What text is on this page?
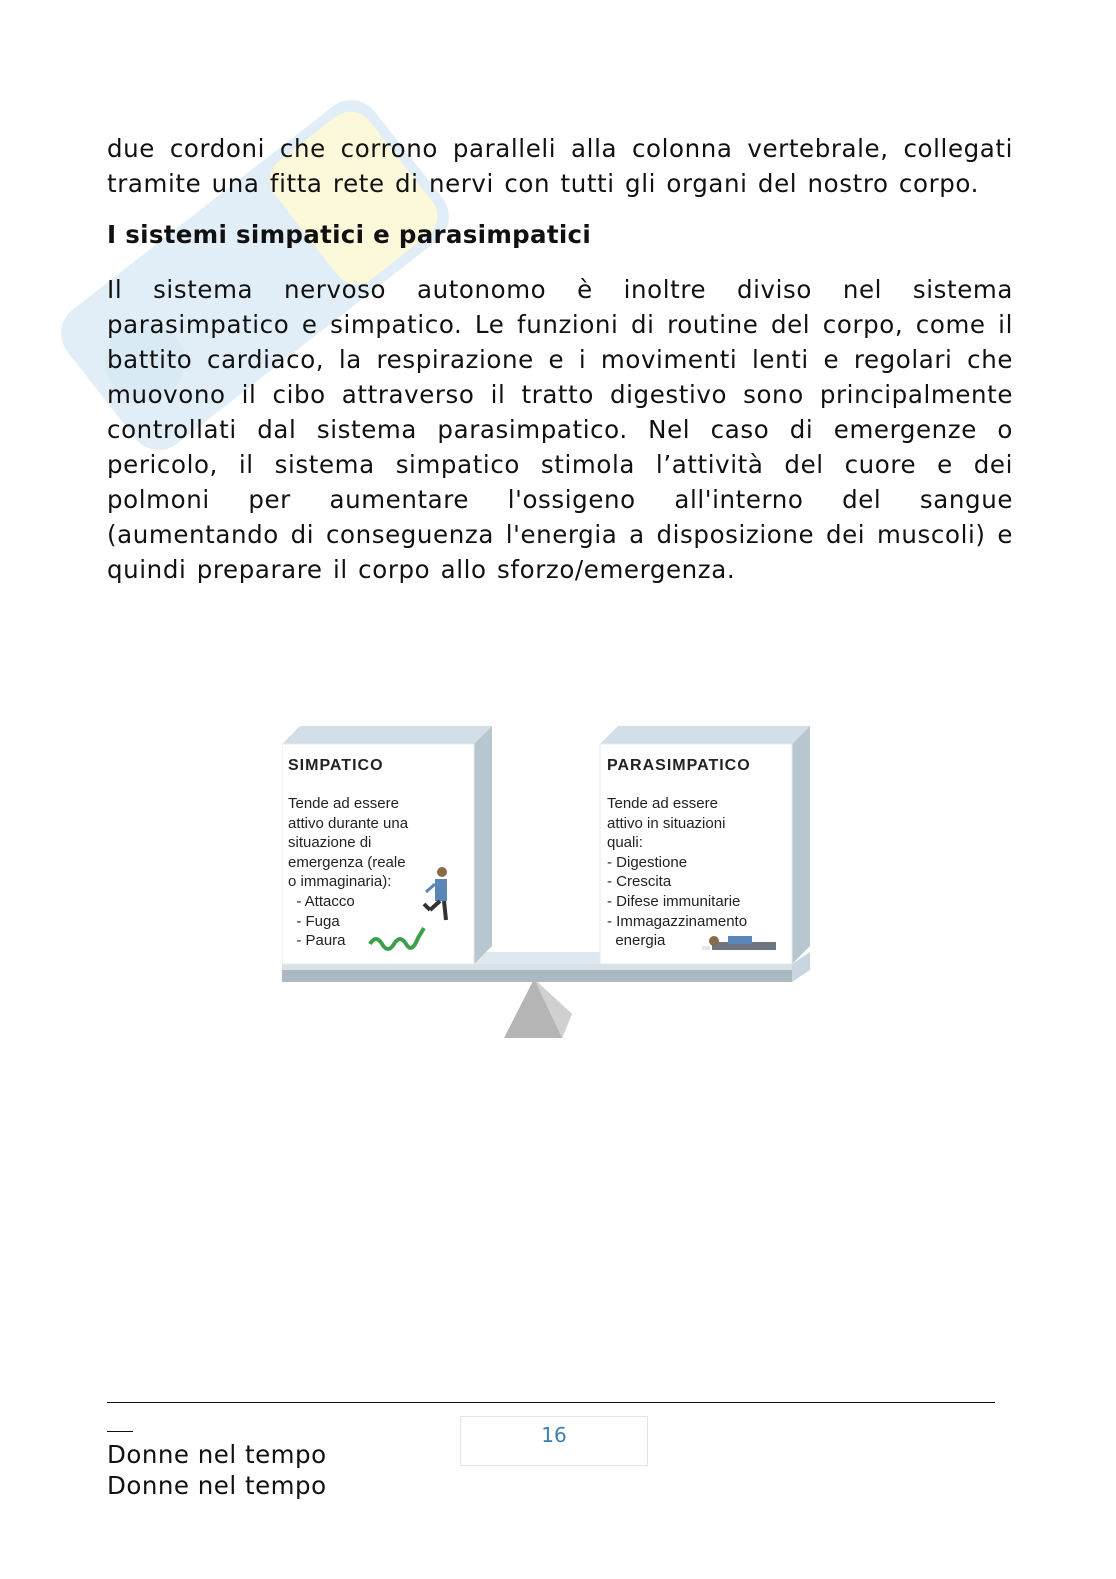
due cordoni che corrono paralleli alla colonna vertebrale, collegati tramite una fitta rete di nervi con tutti gli organi del nostro corpo.

I sistemi simpatici e parasimpatici

Il sistema nervoso autonomo è inoltre diviso nel sistema parasimpatico e simpatico. Le funzioni di routine del corpo, come il battito cardiaco, la respirazione e i movimenti lenti e regolari che muovono il cibo attraverso il tratto digestivo sono principalmente controllati dal sistema parasimpatico. Nel caso di emergenze o pericolo, il sistema simpatico stimola l’attività del cuore e dei polmoni per aumentare l'ossigeno all'interno del sangue (aumentando di conseguenza l'energia a disposizione dei muscoli) e quindi preparare il corpo allo sforzo/emergenza.

SIMPATICO
Tende ad essere
attivo durante una
situazione di
emergenza (reale
o immaginaria):
- Attacco
- Fuga
- Paura
PARASIMPATICO
Tende ad essere
attivo in situazioni
quali:
- Digestione
- Crescita
- Difese immunitarie
- Immagazzinamento
energia
16
Donne nel tempo
Donne nel tempo
